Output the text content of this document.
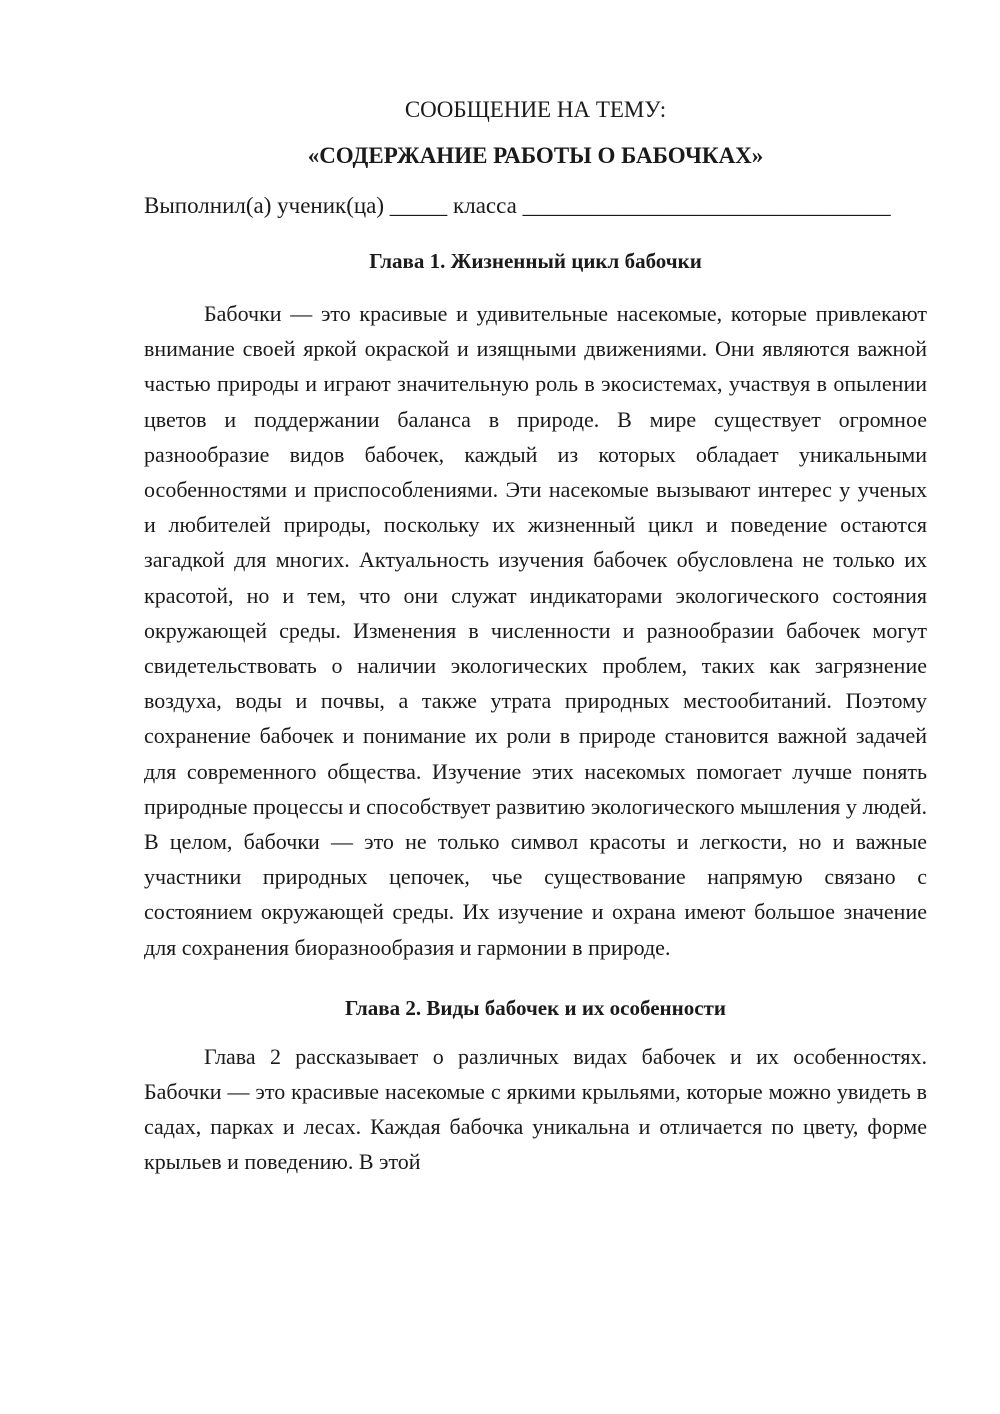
СООБЩЕНИЕ НА ТЕМУ:

«СОДЕРЖАНИЕ РАБОТЫ О БАБОЧКАХ»

Выполнил(а) ученик(ца) _____ класса ________________________________

Глава 1. Жизненный цикл бабочки

Бабочки — это красивые и удивительные насекомые, которые привлекают внимание своей яркой окраской и изящными движениями. Они являются важной частью природы и играют значительную роль в экосистемах, участвуя в опылении цветов и поддержании баланса в природе. В мире существует огромное разнообразие видов бабочек, каждый из которых обладает уникальными особенностями и приспособлениями. Эти насекомые вызывают интерес у ученых и любителей природы, поскольку их жизненный цикл и поведение остаются загадкой для многих. Актуальность изучения бабочек обусловлена не только их красотой, но и тем, что они служат индикаторами экологического состояния окружающей среды. Изменения в численности и разнообразии бабочек могут свидетельствовать о наличии экологических проблем, таких как загрязнение воздуха, воды и почвы, а также утрата природных местообитаний. Поэтому сохранение бабочек и понимание их роли в природе становится важной задачей для современного общества. Изучение этих насекомых помогает лучше понять природные процессы и способствует развитию экологического мышления у людей. В целом, бабочки — это не только символ красоты и легкости, но и важные участники природных цепочек, чье существование напрямую связано с состоянием окружающей среды. Их изучение и охрана имеют большое значение для сохранения биоразнообразия и гармонии в природе.

Глава 2. Виды бабочек и их особенности

Глава 2 рассказывает о различных видах бабочек и их особенностях. Бабочки — это красивые насекомые с яркими крыльями, которые можно увидеть в садах, парках и лесах. Каждая бабочка уникальна и отличается по цвету, форме крыльев и поведению. В этой
